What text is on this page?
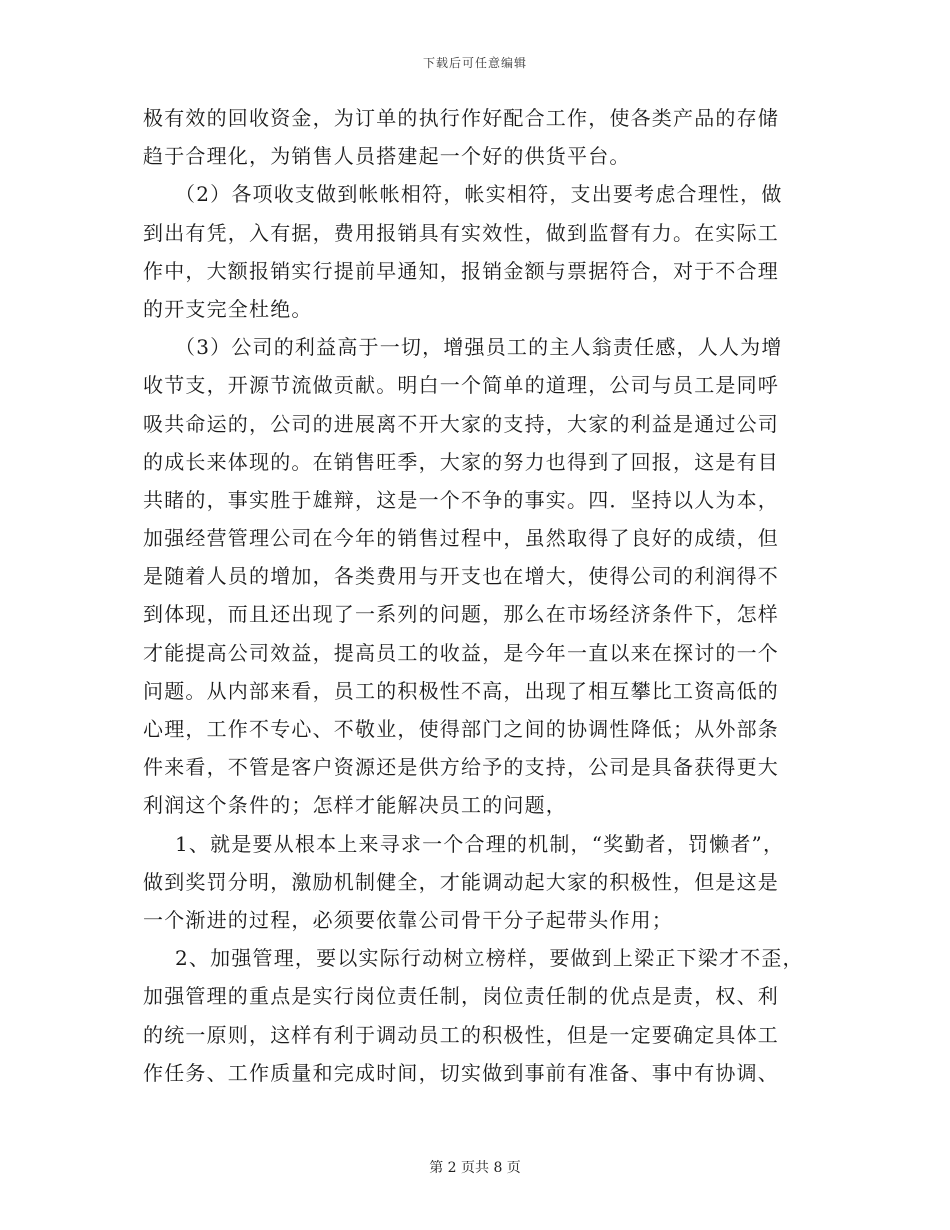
下载后可任意编辑
极有效的回收资金，为订单的执行作好配合工作，使各类产品的存储
趋于合理化，为销售人员搭建起一个好的供货平台。
（2）各项收支做到帐帐相符，帐实相符，支出要考虑合理性，做
到出有凭，入有据，费用报销具有实效性，做到监督有力。在实际工
作中，大额报销实行提前早通知，报销金额与票据符合，对于不合理
的开支完全杜绝。
（3）公司的利益高于一切，增强员工的主人翁责任感，人人为增
收节支，开源节流做贡献。明白一个简单的道理，公司与员工是同呼
吸共命运的，公司的进展离不开大家的支持，大家的利益是通过公司
的成长来体现的。在销售旺季，大家的努力也得到了回报，这是有目
共睹的，事实胜于雄辩，这是一个不争的事实。四．坚持以人为本，
加强经营管理公司在今年的销售过程中，虽然取得了良好的成绩，但
是随着人员的增加，各类费用与开支也在增大，使得公司的利润得不
到体现，而且还出现了一系列的问题，那么在市场经济条件下，怎样
才能提高公司效益，提高员工的收益，是今年一直以来在探讨的一个
问题。从内部来看，员工的积极性不高，出现了相互攀比工资高低的
心理，工作不专心、不敬业，使得部门之间的协调性降低；从外部条
件来看，不管是客户资源还是供方给予的支持，公司是具备获得更大
利润这个条件的；怎样才能解决员工的问题，
1、就是要从根本上来寻求一个合理的机制，“奖勤者，罚懒者”，
做到奖罚分明，激励机制健全，才能调动起大家的积极性，但是这是
一个渐进的过程，必须要依靠公司骨干分子起带头作用；
2、加强管理，要以实际行动树立榜样，要做到上梁正下梁才不歪，
加强管理的重点是实行岗位责任制，岗位责任制的优点是责，权、利
的统一原则，这样有利于调动员工的积极性，但是一定要确定具体工
作任务、工作质量和完成时间，切实做到事前有准备、事中有协调、
第 2 页共 8 页
